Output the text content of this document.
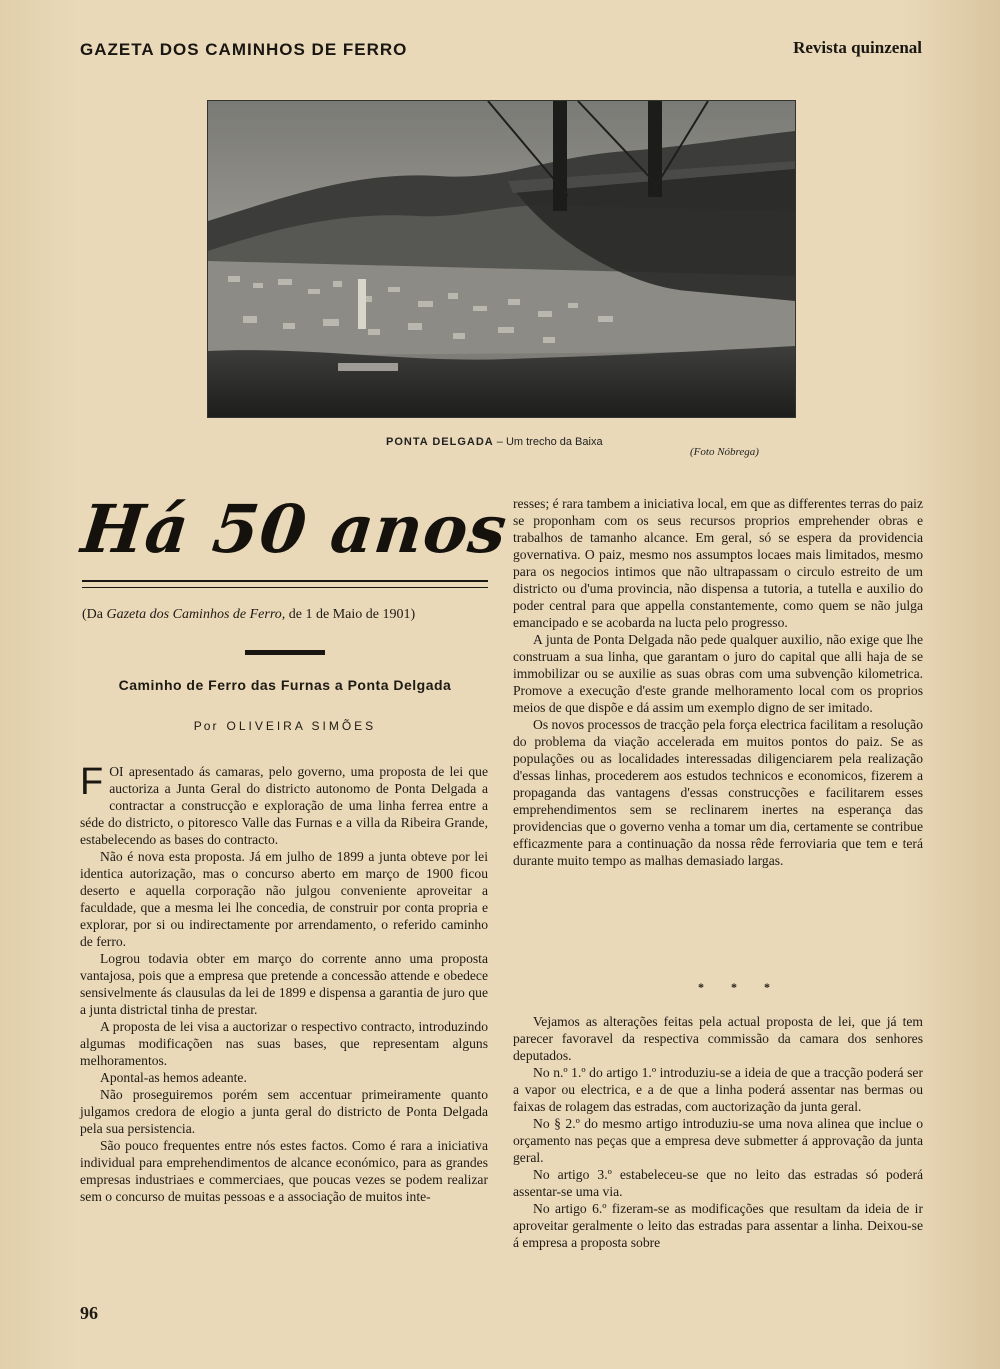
GAZETA DOS CAMINHOS DE FERRO	Revista quinzenal
PONTA DELGADA – Um trecho da Baixa
(Foto Nóbrega)
Há 50 anos
(Da Gazeta dos Caminhos de Ferro, de 1 de Maio de 1901)
Caminho de Ferro das Furnas a Ponta Delgada
Por OLIVEIRA SIMÕES

FOI apresentado ás camaras, pelo governo, uma proposta de lei que auctoriza a Junta Geral do districto autonomo de Ponta Delgada a contractar a construcção e exploração de uma linha ferrea entre a séde do districto, o pitoresco Valle das Furnas e a villa da Ribeira Grande, estabelecendo as bases do contracto.

Não é nova esta proposta. Já em julho de 1899 a junta obteve por lei identica autorização, mas o concurso aberto em março de 1900 ficou deserto e aquella corporação não julgou conveniente aproveitar a faculdade, que a mesma lei lhe concedia, de construir por conta propria e explorar, por si ou indirectamente por arrendamento, o referido caminho de ferro.

Logrou todavia obter em março do corrente anno uma proposta vantajosa, pois que a empresa que pretende a concessão attende e obedece sensivelmente ás clausulas da lei de 1899 e dispensa a garantia de juro que a junta districtal tinha de prestar.

A proposta de lei visa a auctorizar o respectivo contracto, introduzindo algumas modificaçõen nas suas bases, que representam alguns melhoramentos.

Apontal-as hemos adeante.

Não proseguiremos porém sem accentuar primeiramente quanto julgamos credora de elogio a junta geral do districto de Ponta Delgada pela sua persistencia.

São pouco frequentes entre nós estes factos. Como é rara a iniciativa individual para emprehendimentos de alcance económico, para as grandes empresas industriaes e commerciaes, que poucas vezes se podem realizar sem o concurso de muitas pessoas e a associação de muitos inte-

resses; é rara tambem a iniciativa local, em que as differentes terras do paiz se proponham com os seus recursos proprios emprehender obras e trabalhos de tamanho alcance. Em geral, só se espera da providencia governativa. O paiz, mesmo nos assumptos locaes mais limitados, mesmo para os negocios intimos que não ultrapassam o circulo estreito de um districto ou d'uma provincia, não dispensa a tutoria, a tutella e auxilio do poder central para que appella constantemente, como quem se não julga emancipado e se acobarda na lucta pelo progresso.

A junta de Ponta Delgada não pede qualquer auxilio, não exige que lhe construam a sua linha, que garantam o juro do capital que alli haja de se immobilizar ou se auxilie as suas obras com uma subvenção kilometrica. Promove a execução d'este grande melhoramento local com os proprios meios de que dispõe e dá assim um exemplo digno de ser imitado.

Os novos processos de tracção pela força electrica facilitam a resolução do problema da viação accelerada em muitos pontos do paiz. Se as populações ou as localidades interessadas diligenciarem pela realização d'essas linhas, procederem aos estudos technicos e economicos, fizerem a propaganda das vantagens d'essas construcções e facilitarem esses emprehendimentos sem se reclinarem inertes na esperança das providencias que o governo venha a tomar um dia, certamente se contribue efficazmente para a continuação da nossa rêde ferroviaria que tem e terá durante muito tempo as malhas demasiado largas.

* * *

Vejamos as alterações feitas pela actual proposta de lei, que já tem parecer favoravel da respectiva commissão da camara dos senhores deputados.

No n.º 1.º do artigo 1.º introduziu-se a ideia de que a tracção poderá ser a vapor ou electrica, e a de que a linha poderá assentar nas bermas ou faixas de rolagem das estradas, com auctorização da junta geral.

No § 2.º do mesmo artigo introduziu-se uma nova alinea que inclue o orçamento nas peças que a empresa deve submetter á approvação da junta geral.

No artigo 3.º estabeleceu-se que no leito das estradas só poderá assentar-se uma via.

No artigo 6.º fizeram-se as modificações que resultam da ideia de ir aproveitar geralmente o leito das estradas para assentar a linha. Deixou-se á empresa a proposta sobre

96
